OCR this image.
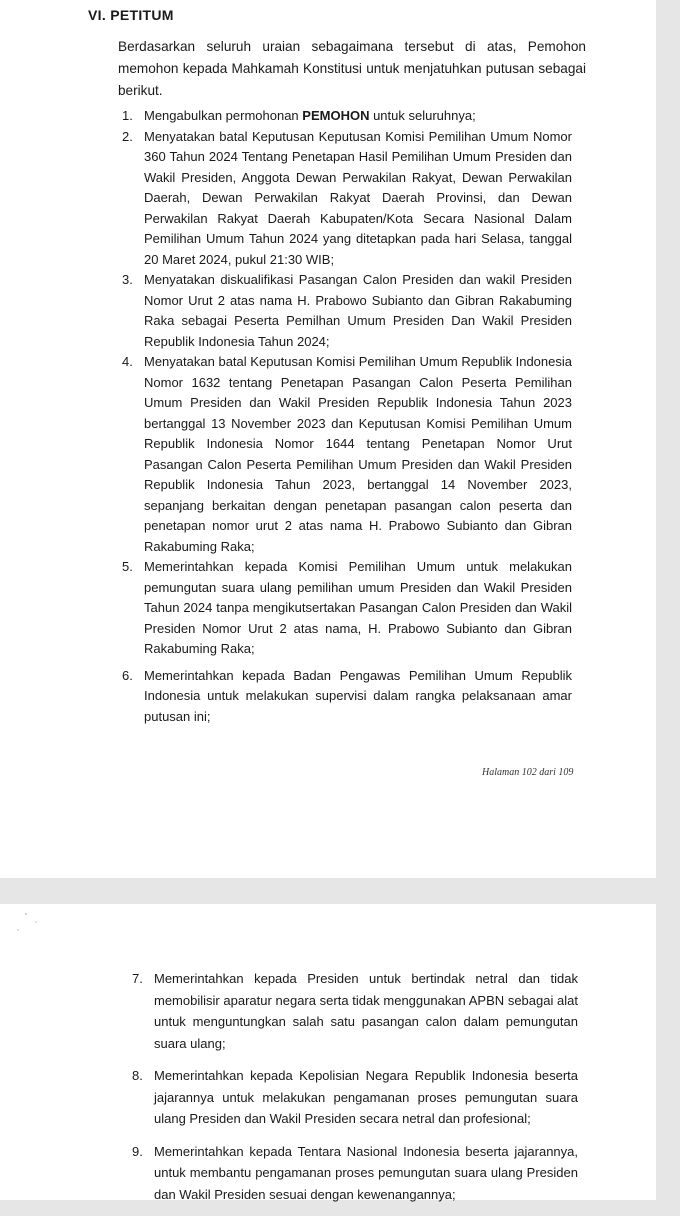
VI. PETITUM
Berdasarkan seluruh uraian sebagaimana tersebut di atas, Pemohon memohon kepada Mahkamah Konstitusi untuk menjatuhkan putusan sebagai berikut.
1. Mengabulkan permohonan PEMOHON untuk seluruhnya;
2. Menyatakan batal Keputusan Keputusan Komisi Pemilihan Umum Nomor 360 Tahun 2024 Tentang Penetapan Hasil Pemilihan Umum Presiden dan Wakil Presiden, Anggota Dewan Perwakilan Rakyat, Dewan Perwakilan Daerah, Dewan Perwakilan Rakyat Daerah Provinsi, dan Dewan Perwakilan Rakyat Daerah Kabupaten/Kota Secara Nasional Dalam Pemilihan Umum Tahun 2024 yang ditetapkan pada hari Selasa, tanggal 20 Maret 2024, pukul 21:30 WIB;
3. Menyatakan diskualifikasi Pasangan Calon Presiden dan wakil Presiden Nomor Urut 2 atas nama H. Prabowo Subianto dan Gibran Rakabuming Raka sebagai Peserta Pemilhan Umum Presiden Dan Wakil Presiden Republik Indonesia Tahun 2024;
4. Menyatakan batal Keputusan Komisi Pemilihan Umum Republik Indonesia Nomor 1632 tentang Penetapan Pasangan Calon Peserta Pemilihan Umum Presiden dan Wakil Presiden Republik Indonesia Tahun 2023 bertanggal 13 November 2023 dan Keputusan Komisi Pemilihan Umum Republik Indonesia Nomor 1644 tentang Penetapan Nomor Urut Pasangan Calon Peserta Pemilihan Umum Presiden dan Wakil Presiden Republik Indonesia Tahun 2023, bertanggal 14 November 2023, sepanjang berkaitan dengan penetapan pasangan calon peserta dan penetapan nomor urut 2 atas nama H. Prabowo Subianto dan Gibran Rakabuming Raka;
5. Memerintahkan kepada Komisi Pemilihan Umum untuk melakukan pemungutan suara ulang pemilihan umum Presiden dan Wakil Presiden Tahun 2024 tanpa mengikutsertakan Pasangan Calon Presiden dan Wakil Presiden Nomor Urut 2 atas nama, H. Prabowo Subianto dan Gibran Rakabuming Raka;
6. Memerintahkan kepada Badan Pengawas Pemilihan Umum Republik Indonesia untuk melakukan supervisi dalam rangka pelaksanaan amar putusan ini;
Halaman 102 dari 109
7. Memerintahkan kepada Presiden untuk bertindak netral dan tidak memobilisir aparatur negara serta tidak menggunakan APBN sebagai alat untuk menguntungkan salah satu pasangan calon dalam pemungutan suara ulang;
8. Memerintahkan kepada Kepolisian Negara Republik Indonesia beserta jajarannya untuk melakukan pengamanan proses pemungutan suara ulang Presiden dan Wakil Presiden secara netral dan profesional;
9. Memerintahkan kepada Tentara Nasional Indonesia beserta jajarannya, untuk membantu pengamanan proses pemungutan suara ulang Presiden dan Wakil Presiden sesuai dengan kewenangannya;
